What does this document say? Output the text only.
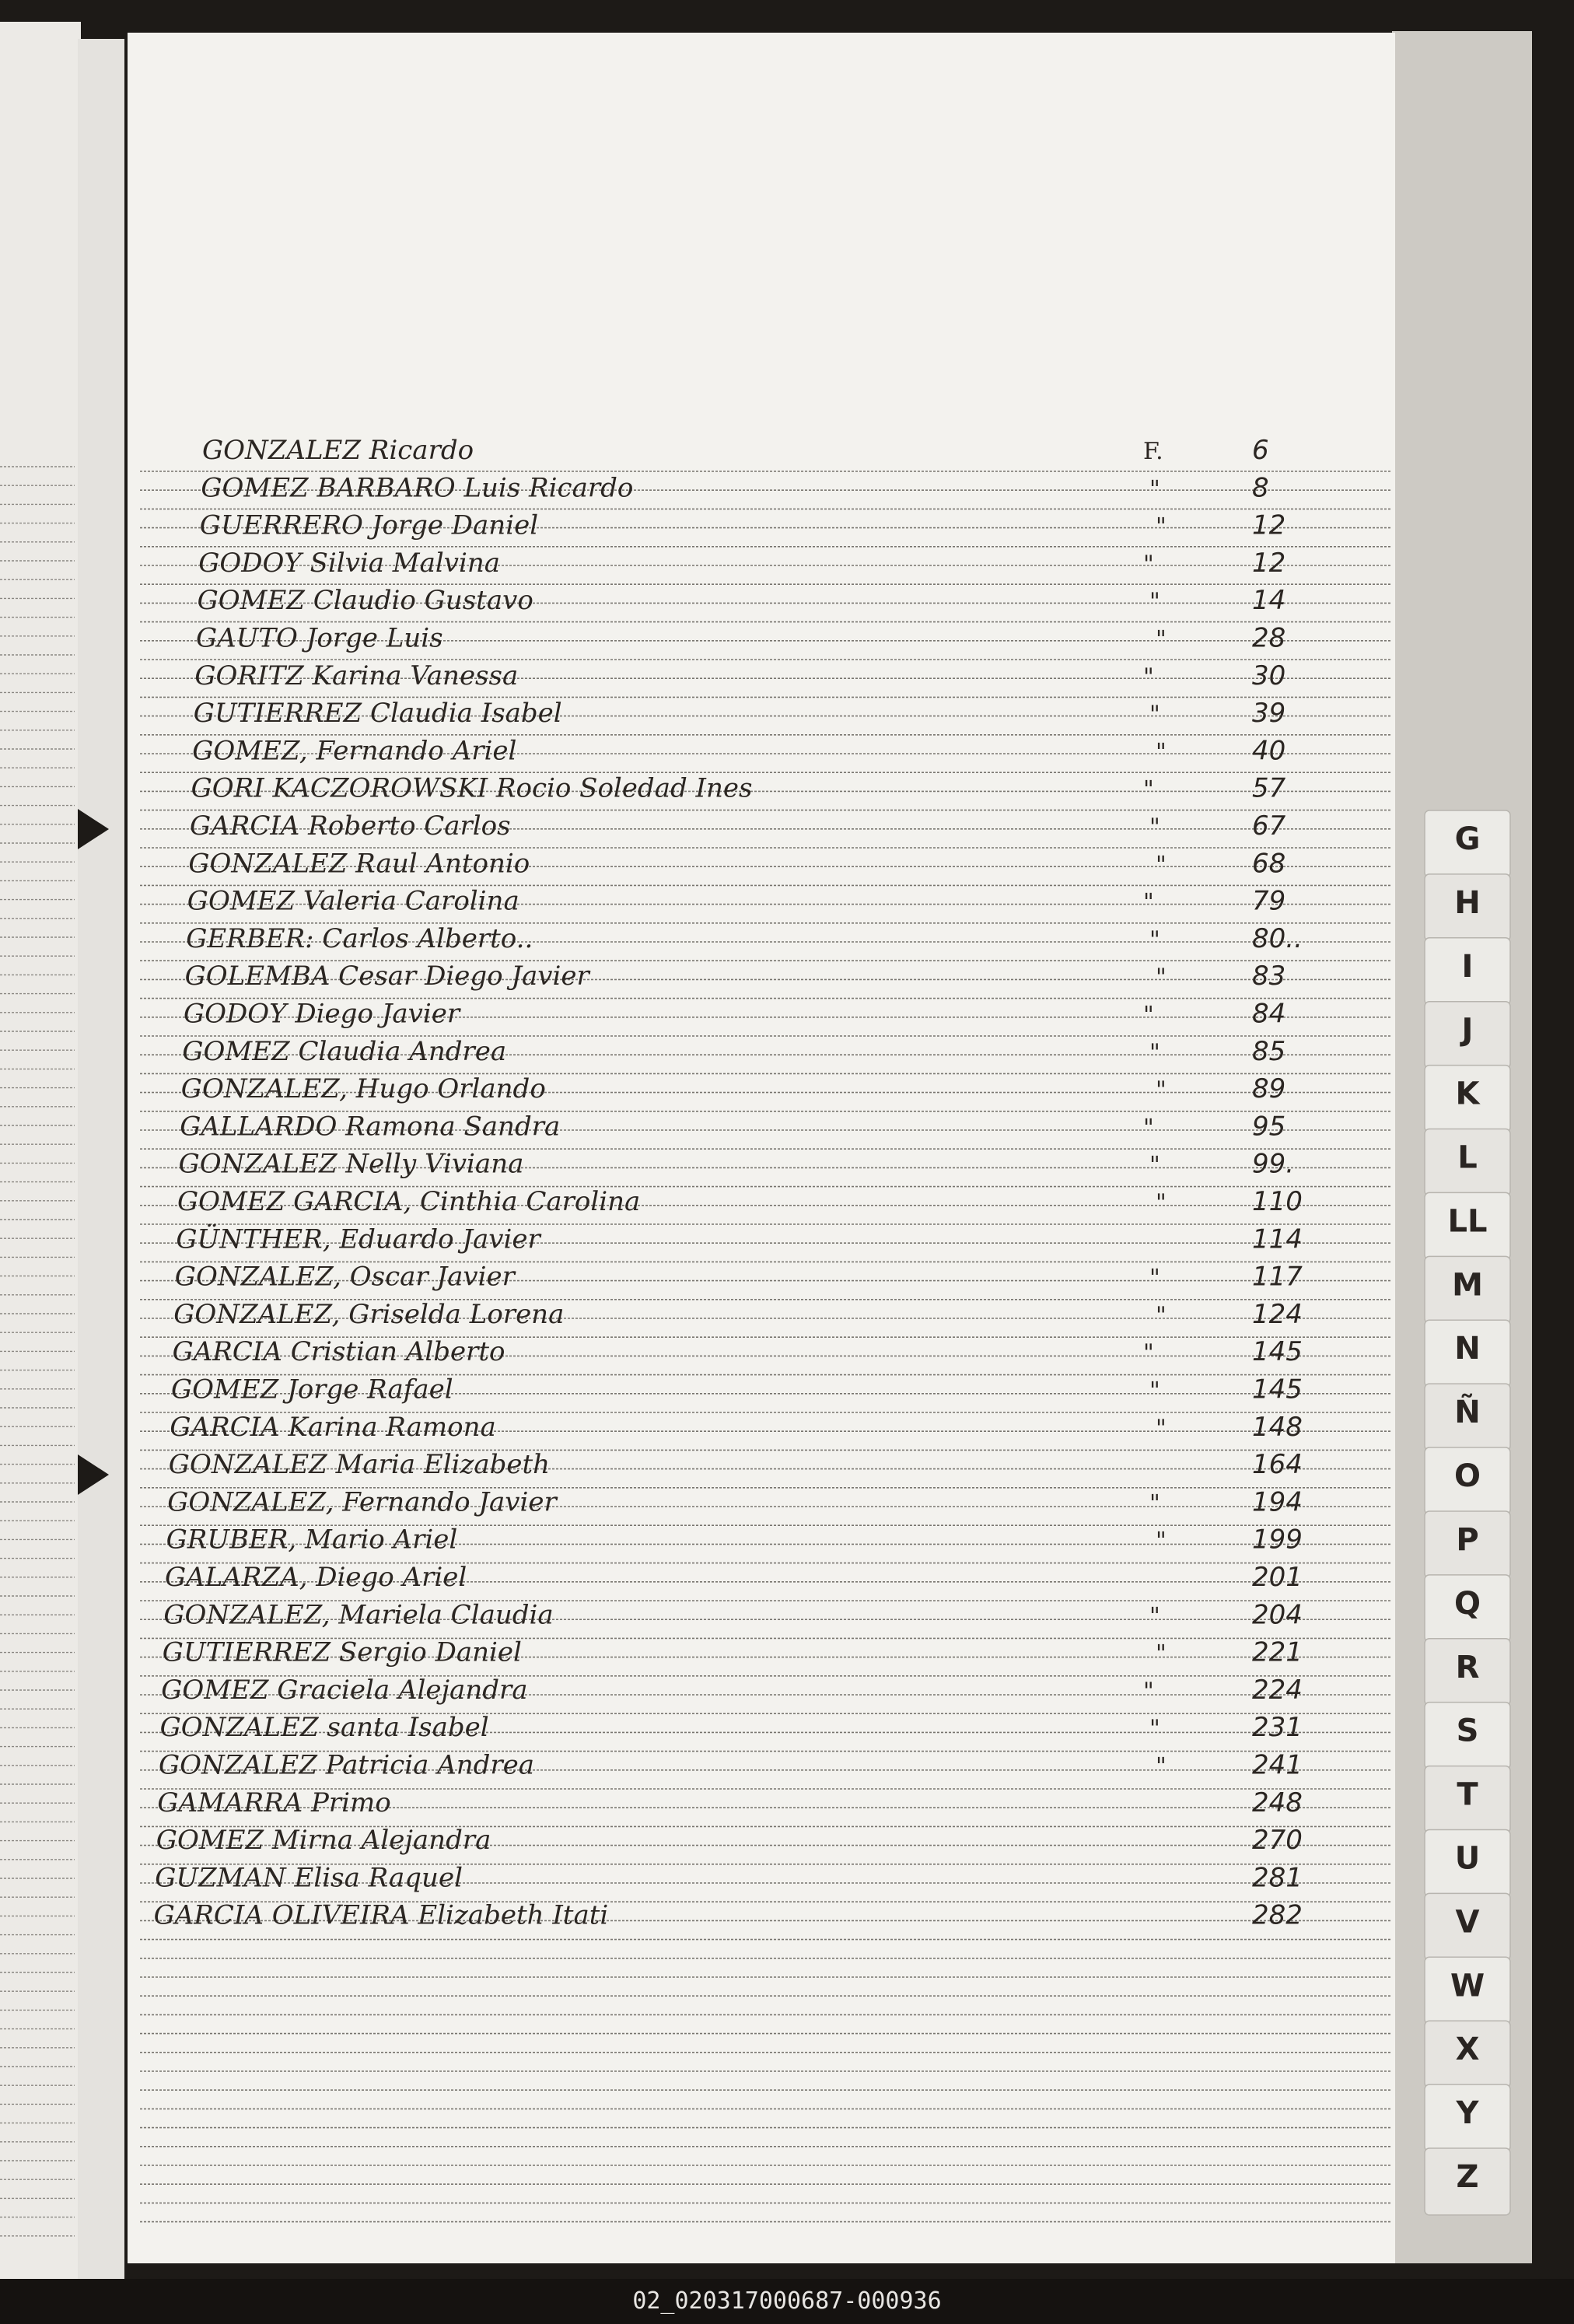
G
H
I
J
K
L
LL
M
N
Ñ
O
P
Q
R
S
T
U
V
W
X
Y
Z
GONZALEZ Ricardo	F.	6
GOMEZ BARBARO Luis Ricardo	"	8
GUERRERO Jorge Daniel	"	12
GODOY Silvia Malvina	"	12
GOMEZ Claudio Gustavo	"	14
GAUTO Jorge Luis	"	28
GORITZ Karina Vanessa	"	30
GUTIERREZ Claudia Isabel	"	39
GOMEZ, Fernando Ariel	"	40
GORI KACZOROWSKI Rocio Soledad Ines	"	57
GARCIA Roberto Carlos	"	67
GONZALEZ Raul Antonio	"	68
GOMEZ Valeria Carolina	"	79
GERBER: Carlos Alberto..	"	80..
GOLEMBA Cesar Diego Javier	"	83
GODOY Diego Javier	"	84
GOMEZ Claudia Andrea	"	85
GONZALEZ, Hugo Orlando	"	89
GALLARDO Ramona Sandra	"	95
GONZALEZ Nelly Viviana	"	99.
GOMEZ GARCIA, Cinthia Carolina	"	110
GÜNTHER, Eduardo Javier	114
GONZALEZ, Oscar Javier	"	117
GONZALEZ, Griselda Lorena	"	124
GARCIA Cristian Alberto	"	145
GOMEZ Jorge Rafael	"	145
GARCIA Karina Ramona	"	148
GONZALEZ Maria Elizabeth	164
GONZALEZ, Fernando Javier	"	194
GRUBER, Mario Ariel	"	199
GALARZA, Diego Ariel	201
GONZALEZ, Mariela Claudia	"	204
GUTIERREZ Sergio Daniel	"	221
GOMEZ Graciela Alejandra	"	224
GONZALEZ santa Isabel	"	231
GONZALEZ Patricia Andrea	"	241
GAMARRA Primo	248
GOMEZ Mirna Alejandra	270
GUZMAN Elisa Raquel	281
GARCIA OLIVEIRA Elizabeth Itati	282
02_020317000687-000936
